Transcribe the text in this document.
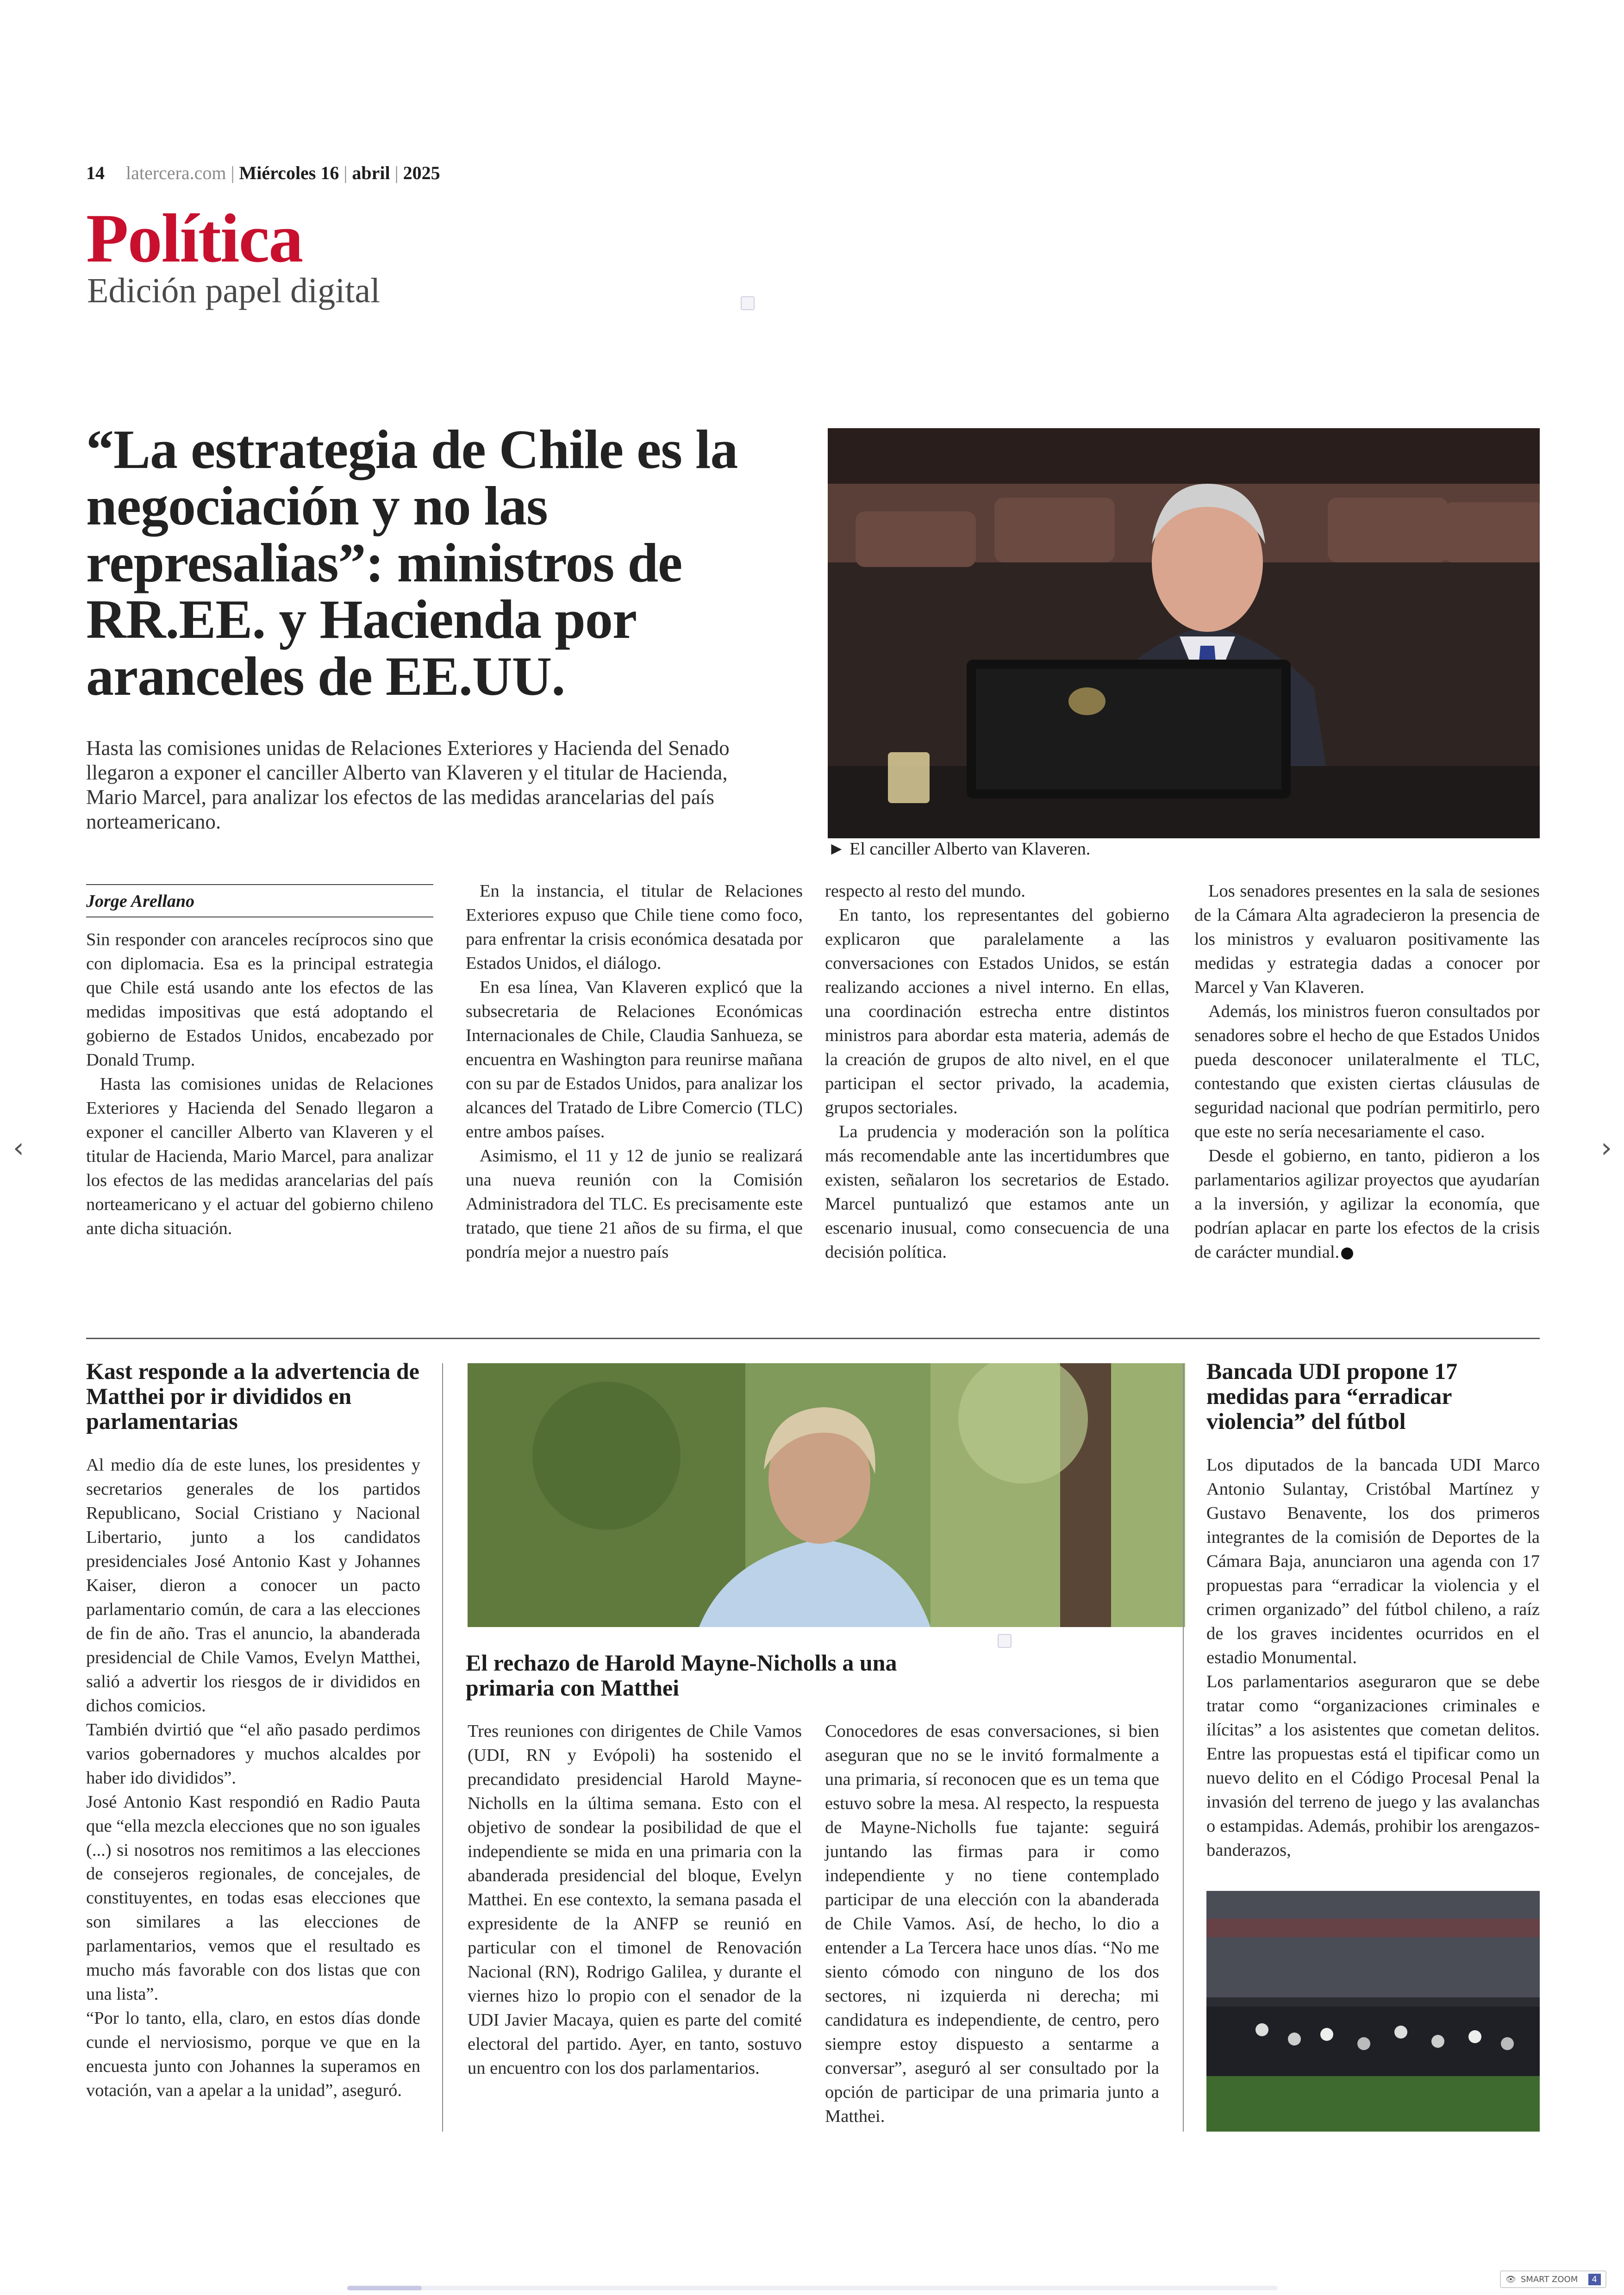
14 latercera.com | Miércoles 16 | abril | 2025
Política
Edición papel digital
“La estrategia de Chile es la negociación y no las represalias”: ministros de RR.EE. y Hacienda por aranceles de EE.UU.
Hasta las comisiones unidas de Relaciones Exteriores y Hacienda del Senado llegaron a exponer el canciller Alberto van Klaveren y el titular de Hacienda, Mario Marcel, para analizar los efectos de las medidas arancelarias del país norteamericano.
► El canciller Alberto van Klaveren.
Jorge Arellano

Sin responder con aranceles recíprocos sino que con diplomacia. Esa es la principal estrategia que Chile está usando ante los efectos de las medidas impositivas que está adoptando el gobierno de Estados Unidos, encabezado por Donald Trump.

Hasta las comisiones unidas de Relaciones Exteriores y Hacienda del Senado llegaron a exponer el canciller Alberto van Klaveren y el titular de Hacienda, Mario Marcel, para analizar los efectos de las medidas arancelarias del país norteamericano y el actuar del gobierno chileno ante dicha situación.

En la instancia, el titular de Relaciones Exteriores expuso que Chile tiene como foco, para enfrentar la crisis económica desatada por Estados Unidos, el diálogo.

En esa línea, Van Klaveren explicó que la subsecretaria de Relaciones Económicas Internacionales de Chile, Claudia Sanhueza, se encuentra en Washington para reunirse mañana con su par de Estados Unidos, para analizar los alcances del Tratado de Libre Comercio (TLC) entre ambos países.

Asimismo, el 11 y 12 de junio se realizará una nueva reunión con la Comisión Administradora del TLC. Es precisamente este tratado, que tiene 21 años de su firma, el que pondría mejor a nuestro país

respecto al resto del mundo.

En tanto, los representantes del gobierno explicaron que paralelamente a las conversaciones con Estados Unidos, se están realizando acciones a nivel interno. En ellas, una coordinación estrecha entre distintos ministros para abordar esta materia, además de la creación de grupos de alto nivel, en el que participan el sector privado, la academia, grupos sectoriales.

La prudencia y moderación son la política más recomendable ante las incertidumbres que existen, señalaron los secretarios de Estado. Marcel puntualizó que estamos ante un escenario inusual, como consecuencia de una decisión política.

Los senadores presentes en la sala de sesiones de la Cámara Alta agradecieron la presencia de los ministros y evaluaron positivamente las medidas y estrategia dadas a conocer por Marcel y Van Klaveren.

Además, los ministros fueron consultados por senadores sobre el hecho de que Estados Unidos pueda desconocer unilateralmente el TLC, contestando que existen ciertas cláusulas de seguridad nacional que podrían permitirlo, pero que este no sería necesariamente el caso.

Desde el gobierno, en tanto, pidieron a los parlamentarios agilizar proyectos que ayudarían a la inversión, y agilizar la economía, que podrían aplacar en parte los efectos de la crisis de carácter mundial.

Kast responde a la advertencia de Matthei por ir divididos en parlamentarias

Al medio día de este lunes, los presidentes y secretarios generales de los partidos Republicano, Social Cristiano y Nacional Libertario, junto a los candidatos presidenciales José Antonio Kast y Johannes Kaiser, dieron a conocer un pacto parlamentario común, de cara a las elecciones de fin de año. Tras el anuncio, la abanderada presidencial de Chile Vamos, Evelyn Matthei, salió a advertir los riesgos de ir divididos en dichos comicios.

También dvirtió que “el año pasado perdimos varios gobernadores y muchos alcaldes por haber ido divididos”.

José Antonio Kast respondió en Radio Pauta que “ella mezcla elecciones que no son iguales (...) si nosotros nos remitimos a las elecciones de consejeros regionales, de concejales, de constituyentes, en todas esas elecciones que son similares a las elecciones de parlamentarios, vemos que el resultado es mucho más favorable con dos listas que con una lista”.

“Por lo tanto, ella, claro, en estos días donde cunde el nerviosismo, porque ve que en la encuesta junto con Johannes la superamos en votación, van a apelar a la unidad”, aseguró.

El rechazo de Harold Mayne-Nicholls a una primaria con Matthei

Tres reuniones con dirigentes de Chile Vamos (UDI, RN y Evópoli) ha sostenido el precandidato presidencial Harold Mayne-Nicholls en la última semana. Esto con el objetivo de sondear la posibilidad de que el independiente se mida en una primaria con la abanderada presidencial del bloque, Evelyn Matthei. En ese contexto, la semana pasada el expresidente de la ANFP se reunió en particular con el timonel de Renovación Nacional (RN), Rodrigo Galilea, y durante el viernes hizo lo propio con el senador de la UDI Javier Macaya, quien es parte del comité electoral del partido. Ayer, en tanto, sostuvo un encuentro con los dos parlamentarios.

Conocedores de esas conversaciones, si bien aseguran que no se le invitó formalmente a una primaria, sí reconocen que es un tema que estuvo sobre la mesa. Al respecto, la respuesta de Mayne-Nicholls fue tajante: seguirá juntando las firmas para ir como independiente y no tiene contemplado participar de una elección con la abanderada de Chile Vamos. Así, de hecho, lo dio a entender a La Tercera hace unos días. “No me siento cómodo con ninguno de los dos sectores, ni izquierda ni derecha; mi candidatura es independiente, de centro, pero siempre estoy dispuesto a sentarme a conversar”, aseguró al ser consultado por la opción de participar de una primaria junto a Matthei.

Bancada UDI propone 17 medidas para “erradicar violencia” del fútbol

Los diputados de la bancada UDI Marco Antonio Sulantay, Cristóbal Martínez y Gustavo Benavente, los dos primeros integrantes de la comisión de Deportes de la Cámara Baja, anunciaron una agenda con 17 propuestas para “erradicar la violencia y el crimen organizado” del fútbol chileno, a raíz de los graves incidentes ocurridos en el estadio Monumental.

Los parlamentarios aseguraron que se debe tratar como “organizaciones criminales e ilícitas” a los asistentes que cometan delitos. Entre las propuestas está el tipificar como un nuevo delito en el Código Procesal Penal la invasión del terreno de juego y las avalanchas o estampidas. Además, prohibir los arengazos-banderazos,

‹	›
👁 SMART ZOOM	4
